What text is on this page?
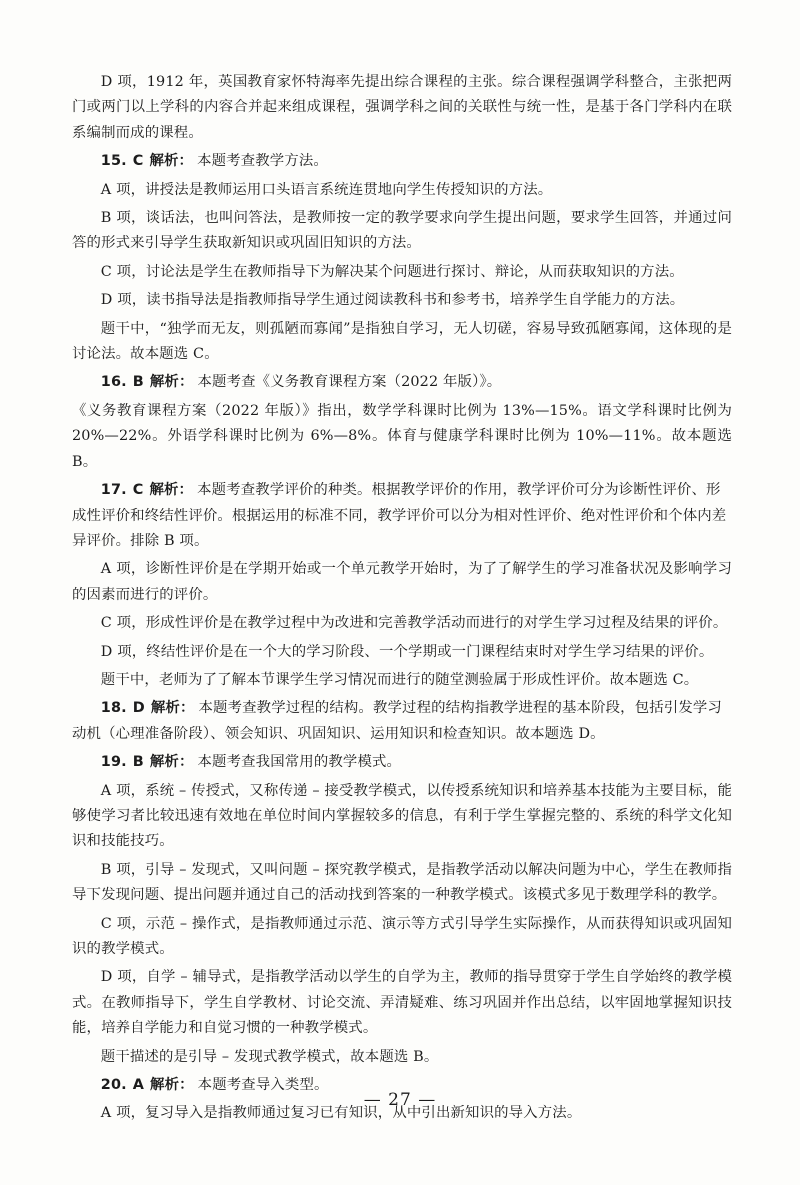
D 项，1912 年，英国教育家怀特海率先提出综合课程的主张。综合课程强调学科整合，主张把两门或两门以上学科的内容合并起来组成课程，强调学科之间的关联性与统一性，是基于各门学科内在联系编制而成的课程。

15. C 解析： 本题考查教学方法。

A 项，讲授法是教师运用口头语言系统连贯地向学生传授知识的方法。

B 项，谈话法，也叫问答法，是教师按一定的教学要求向学生提出问题，要求学生回答，并通过问答的形式来引导学生获取新知识或巩固旧知识的方法。

C 项，讨论法是学生在教师指导下为解决某个问题进行探讨、辩论，从而获取知识的方法。

D 项，读书指导法是指教师指导学生通过阅读教科书和参考书，培养学生自学能力的方法。

题干中，“独学而无友，则孤陋而寡闻”是指独自学习，无人切磋，容易导致孤陋寡闻，这体现的是讨论法。故本题选 C。

16. B 解析： 本题考查《义务教育课程方案（2022 年版）》。

《义务教育课程方案（2022 年版）》指出，数学学科课时比例为 13%—15%。语文学科课时比例为 20%—22%。外语学科课时比例为 6%—8%。体育与健康学科课时比例为 10%—11%。故本题选 B。

17. C 解析： 本题考查教学评价的种类。根据教学评价的作用，教学评价可分为诊断性评价、形成性评价和终结性评价。根据运用的标准不同，教学评价可以分为相对性评价、绝对性评价和个体内差异评价。排除 B 项。

A 项，诊断性评价是在学期开始或一个单元教学开始时，为了了解学生的学习准备状况及影响学习的因素而进行的评价。

C 项，形成性评价是在教学过程中为改进和完善教学活动而进行的对学生学习过程及结果的评价。

D 项，终结性评价是在一个大的学习阶段、一个学期或一门课程结束时对学生学习结果的评价。

题干中，老师为了了解本节课学生学习情况而进行的随堂测验属于形成性评价。故本题选 C。

18. D 解析： 本题考查教学过程的结构。教学过程的结构指教学进程的基本阶段，包括引发学习动机（心理准备阶段）、领会知识、巩固知识、运用知识和检查知识。故本题选 D。

19. B 解析： 本题考查我国常用的教学模式。

A 项，系统 – 传授式，又称传递 – 接受教学模式，以传授系统知识和培养基本技能为主要目标，能够使学习者比较迅速有效地在单位时间内掌握较多的信息，有利于学生掌握完整的、系统的科学文化知识和技能技巧。

B 项，引导 – 发现式，又叫问题 – 探究教学模式，是指教学活动以解决问题为中心，学生在教师指导下发现问题、提出问题并通过自己的活动找到答案的一种教学模式。该模式多见于数理学科的教学。

C 项，示范 – 操作式，是指教师通过示范、演示等方式引导学生实际操作，从而获得知识或巩固知识的教学模式。

D 项，自学 – 辅导式，是指教学活动以学生的自学为主，教师的指导贯穿于学生自学始终的教学模式。在教师指导下，学生自学教材、讨论交流、弄清疑难、练习巩固并作出总结，以牢固地掌握知识技能，培养自学能力和自觉习惯的一种教学模式。

题干描述的是引导 – 发现式教学模式，故本题选 B。

20. A 解析： 本题考查导入类型。

A 项，复习导入是指教师通过复习已有知识，从中引出新知识的导入方法。

— 27 —
